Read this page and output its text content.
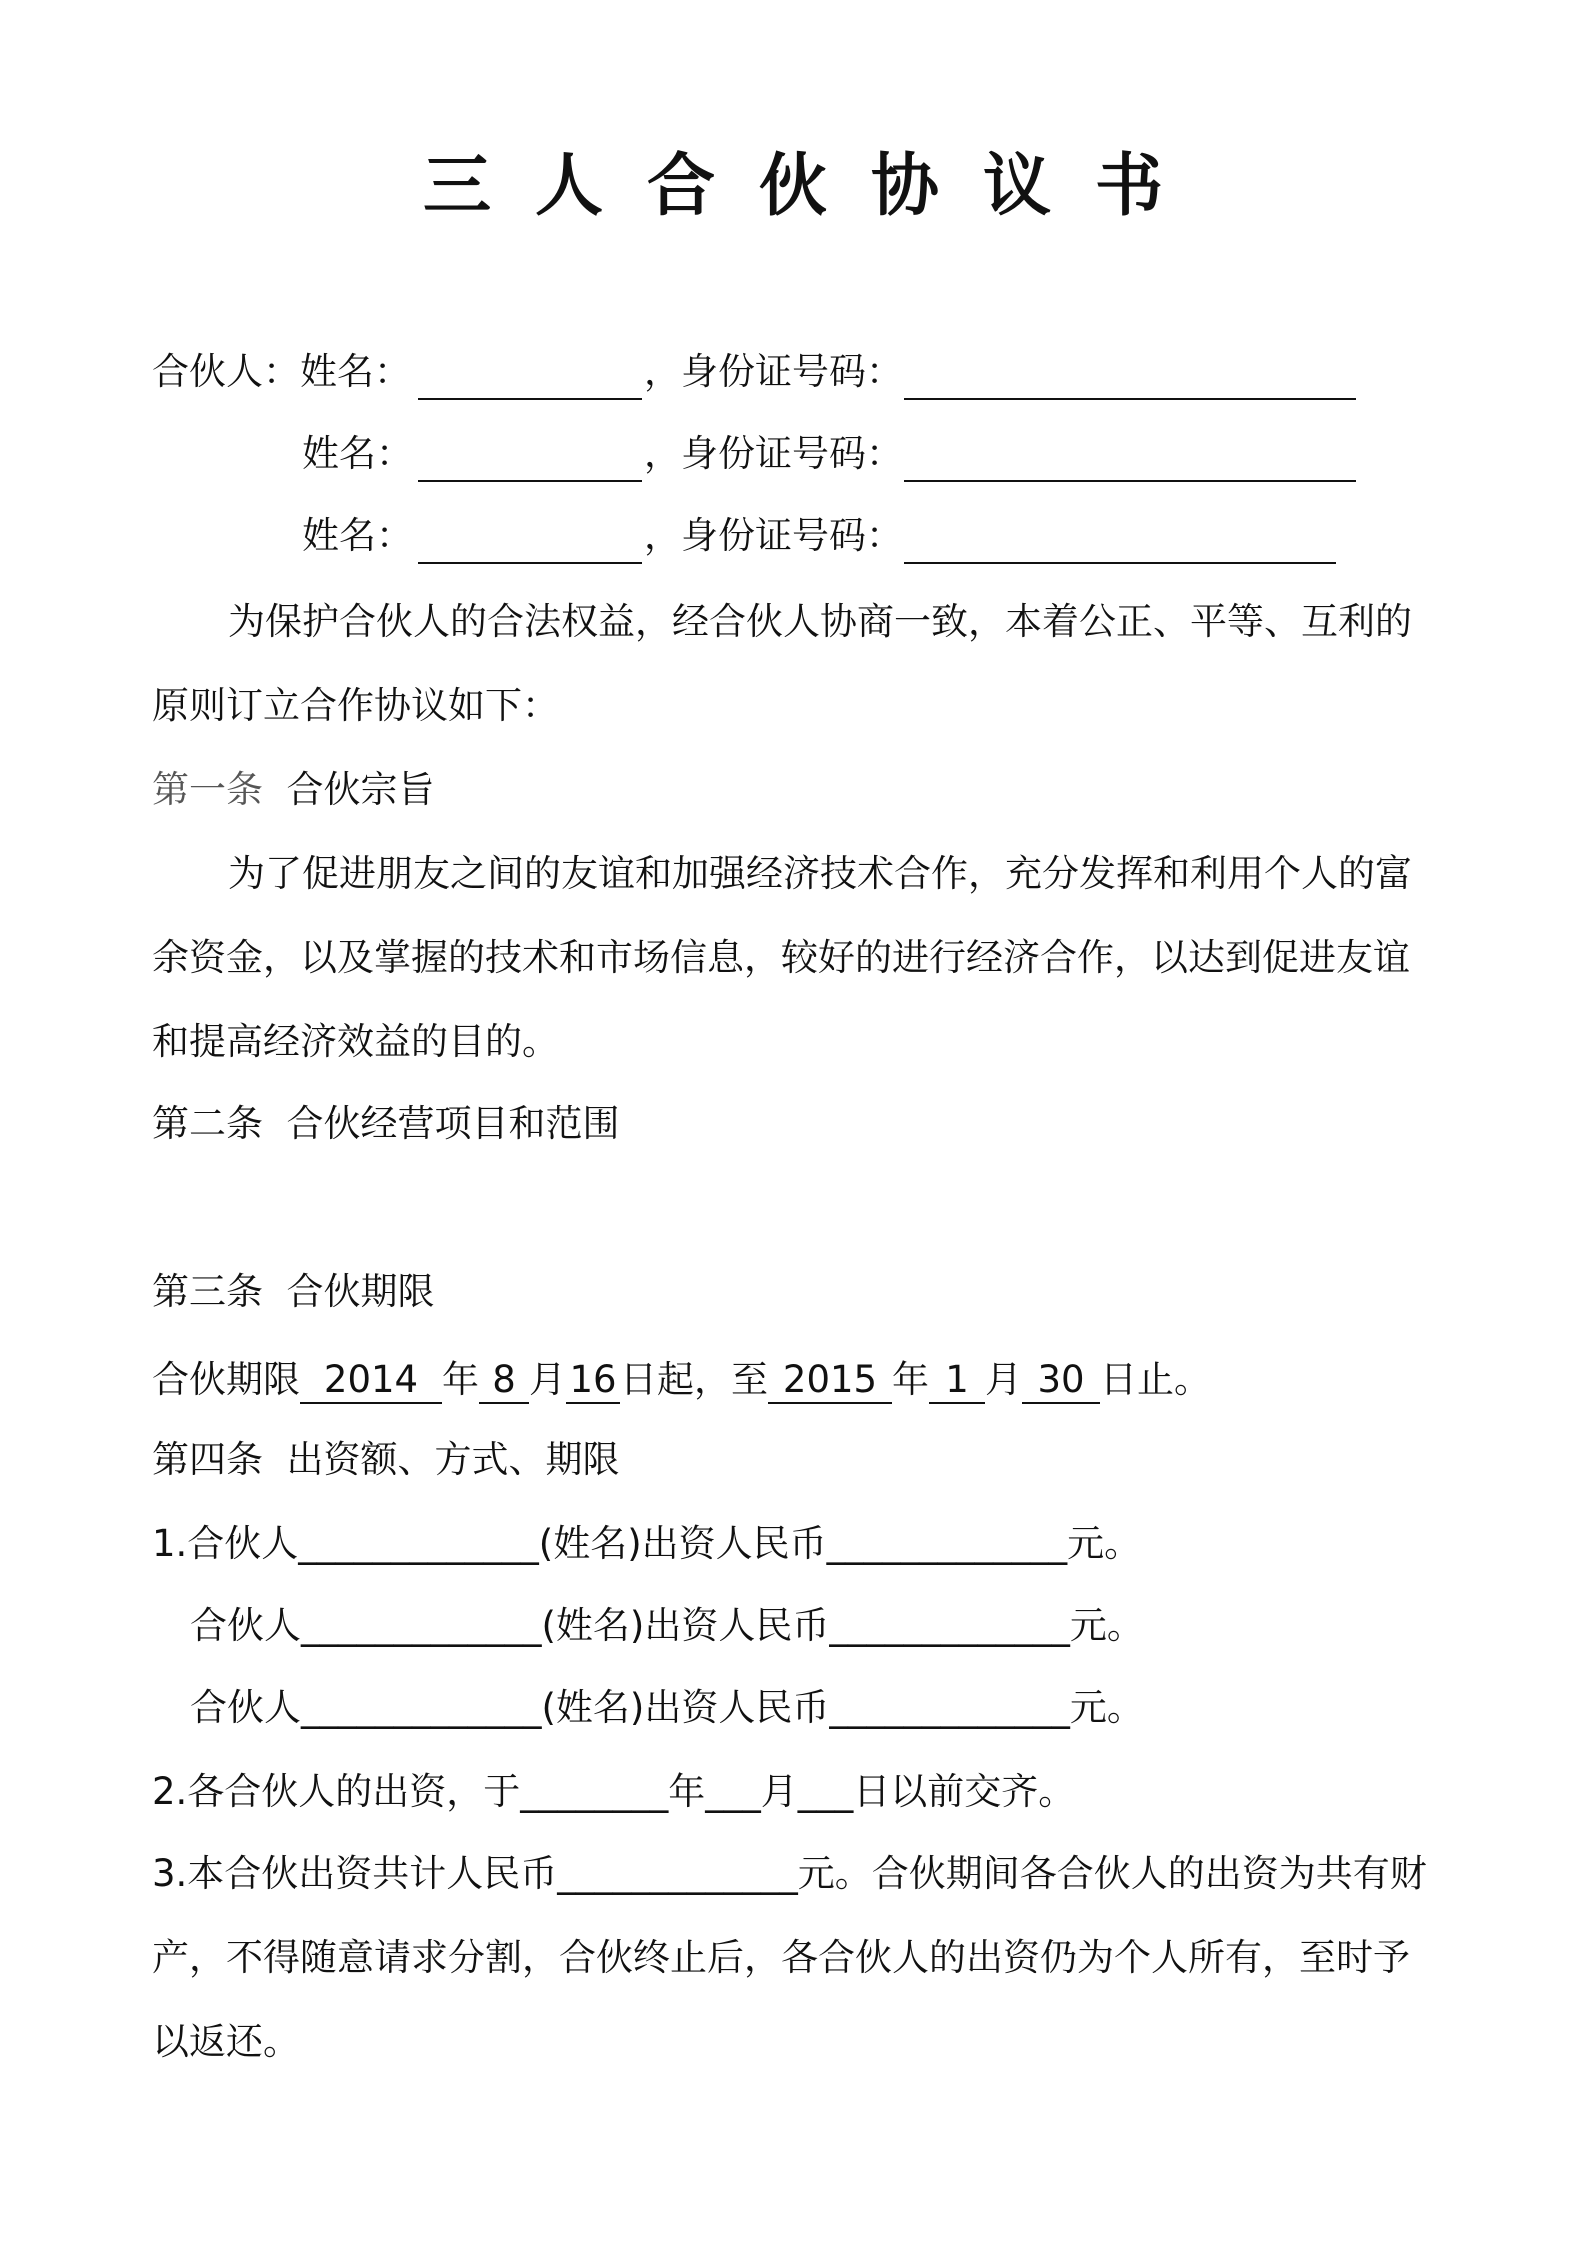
三人合伙协议书
合伙人：姓名：	，身份证号码：
姓名：	，身份证号码：
姓名：	，身份证号码：
为保护合伙人的合法权益，经合伙人协商一致，本着公正、平等、互利的
原则订立合作协议如下：
第一条 合伙宗旨
为了促进朋友之间的友谊和加强经济技术合作，充分发挥和利用个人的富
余资金，以及掌握的技术和市场信息，较好的进行经济合作，以达到促进友谊
和提高经济效益的目的。
第二条 合伙经营项目和范围
第三条 合伙期限
合伙期限 2014 年 8 月16日起，至 2015 年 1 月 30 日止。
第四条 出资额、方式、期限
1.合伙人_____________(姓名)出资人民币_____________元。
合伙人_____________(姓名)出资人民币_____________元。
合伙人_____________(姓名)出资人民币_____________元。
2.各合伙人的出资，于________年___月___日以前交齐。
3.本合伙出资共计人民币_____________元。合伙期间各合伙人的出资为共有财
产，不得随意请求分割，合伙终止后，各合伙人的出资仍为个人所有，至时予
以返还。
